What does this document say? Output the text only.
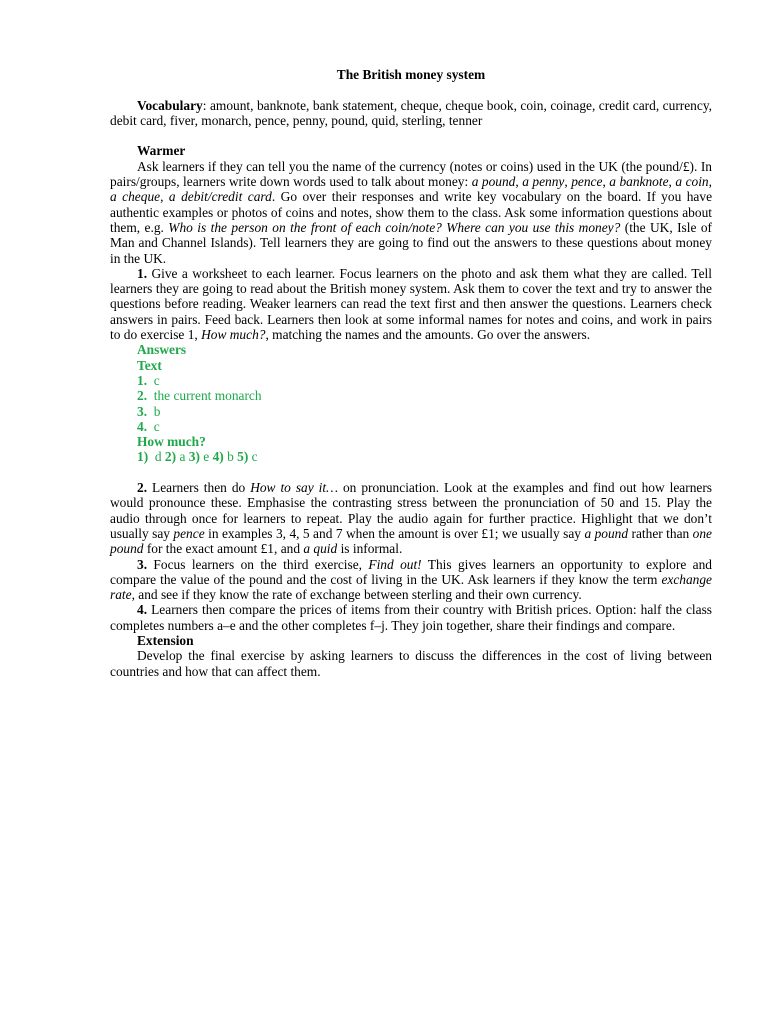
The British money system

Vocabulary: amount, banknote, bank statement, cheque, cheque book, coin, coinage, credit card, currency, debit card, fiver, monarch, pence, penny, pound, quid, sterling, tenner

Warmer

Ask learners if they can tell you the name of the currency (notes or coins) used in the UK (the pound/£). In pairs/groups, learners write down words used to talk about money: a pound, a penny, pence, a banknote, a coin, a cheque, a debit/credit card. Go over their responses and write key vocabulary on the board. If you have authentic examples or photos of coins and notes, show them to the class. Ask some information questions about them, e.g. Who is the person on the front of each coin/note? Where can you use this money? (the UK, Isle of Man and Channel Islands). Tell learners they are going to find out the answers to these questions about money in the UK.

1. Give a worksheet to each learner. Focus learners on the photo and ask them what they are called. Tell learners they are going to read about the British money system. Ask them to cover the text and try to answer the questions before reading. Weaker learners can read the text first and then answer the questions. Learners check answers in pairs. Feed back. Learners then look at some informal names for notes and coins, and work in pairs to do exercise 1, How much?, matching the names and the amounts. Go over the answers.

Answers
Text
1. c
2. the current monarch
3. b
4. c
How much?
1) d 2) a 3) e 4) b 5) c

2. Learners then do How to say it… on pronunciation. Look at the examples and find out how learners would pronounce these. Emphasise the contrasting stress between the pronunciation of 50 and 15. Play the audio through once for learners to repeat. Play the audio again for further practice. Highlight that we don’t usually say pence in examples 3, 4, 5 and 7 when the amount is over £1; we usually say a pound rather than one pound for the exact amount £1, and a quid is informal.

3. Focus learners on the third exercise, Find out! This gives learners an opportunity to explore and compare the value of the pound and the cost of living in the UK. Ask learners if they know the term exchange rate, and see if they know the rate of exchange between sterling and their own currency.

4. Learners then compare the prices of items from their country with British prices. Option: half the class completes numbers a–e and the other completes f–j. They join together, share their findings and compare.

Extension

Develop the final exercise by asking learners to discuss the differences in the cost of living between countries and how that can affect them.
